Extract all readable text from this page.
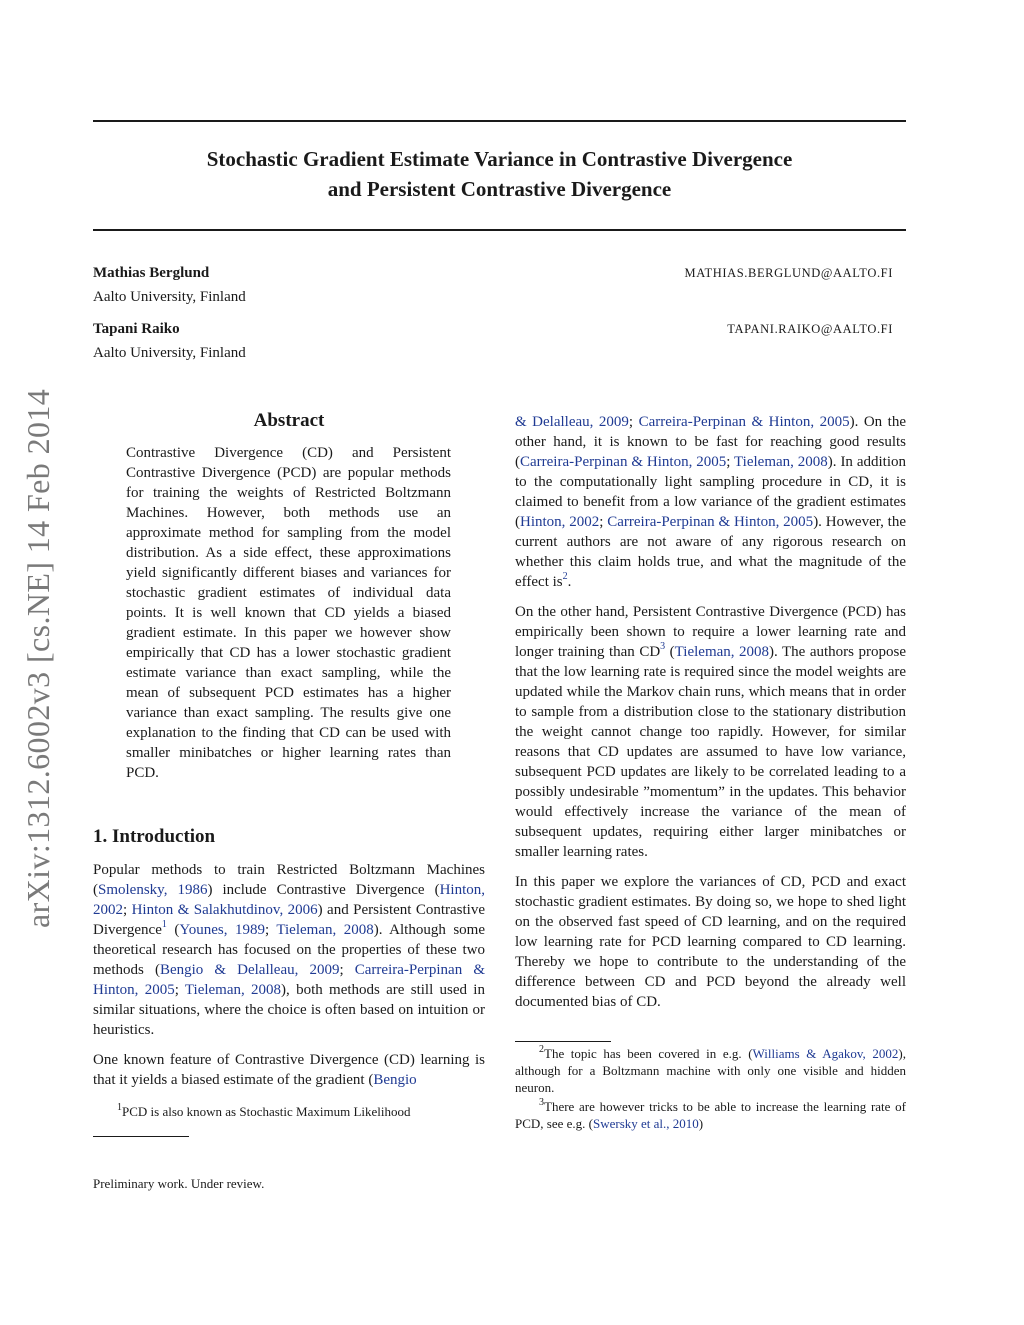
Stochastic Gradient Estimate Variance in Contrastive Divergence
and Persistent Contrastive Divergence
Mathias Berglund	MATHIAS.BERGLUND@AALTO.FI
Aalto University, Finland
Tapani Raiko	TAPANI.RAIKO@AALTO.FI
Aalto University, Finland
arXiv:1312.6002v3 [cs.NE] 14 Feb 2014	Abstract

Contrastive Divergence (CD) and Persistent Contrastive Divergence (PCD) are popular methods for training the weights of Restricted Boltzmann Machines. However, both methods use an approximate method for sampling from the model distribution. As a side effect, these approximations yield significantly different biases and variances for stochastic gradient estimates of individual data points. It is well known that CD yields a biased gradient estimate. In this paper we however show empirically that CD has a lower stochastic gradient estimate variance than exact sampling, while the mean of subsequent PCD estimates has a higher variance than exact sampling. The results give one explanation to the finding that CD can be used with smaller minibatches or higher learning rates than PCD.

1. Introduction

Popular methods to train Restricted Boltzmann Machines (Smolensky, 1986) include Contrastive Divergence (Hinton, 2002; Hinton & Salakhutdinov, 2006) and Persistent Contrastive Divergence$^1$ (Younes, 1989; Tieleman, 2008). Although some theoretical research has focused on the properties of these two methods (Bengio & Delalleau, 2009; Carreira-Perpinan & Hinton, 2005; Tieleman, 2008), both methods are still used in similar situations, where the choice is often based on intuition or heuristics.

One known feature of Contrastive Divergence (CD) learning is that it yields a biased estimate of the gradient (Bengio

$^1$PCD is also known as Stochastic Maximum Likelihood

& Delalleau, 2009; Carreira-Perpinan & Hinton, 2005). On the other hand, it is known to be fast for reaching good results (Carreira-Perpinan & Hinton, 2005; Tieleman, 2008). In addition to the computationally light sampling procedure in CD, it is claimed to benefit from a low variance of the gradient estimates (Hinton, 2002; Carreira-Perpinan & Hinton, 2005). However, the current authors are not aware of any rigorous research on whether this claim holds true, and what the magnitude of the effect $is^2$.

On the other hand, Persistent Contrastive Divergence (PCD) has empirically been shown to require a lower learning rate and longer training than $CD^3$ (Tieleman, 2008). The authors propose that the low learning rate is required since the model weights are updated while the Markov chain runs, which means that in order to sample from a distribution close to the stationary distribution the weight cannot change too rapidly. However, for similar reasons that CD updates are assumed to have low variance, subsequent PCD updates are likely to be correlated leading to a possibly undesirable ”momentum” in the updates. This behavior would effectively increase the variance of the mean of subsequent updates, requiring either larger minibatches or smaller learning rates.

In this paper we explore the variances of CD, PCD and exact stochastic gradient estimates. By doing so, we hope to shed light on the observed fast speed of CD learning, and on the required low learning rate for PCD learning compared to CD learning. Thereby we hope to contribute to the understanding of the difference between CD and PCD beyond the already well documented bias of CD.

$^2$The topic has been covered in e.g. (Williams & Agakov, 2002), although for a Boltzmann machine with only one visible and hidden neuron.

$^3$There are however tricks to be able to increase the learning rate of PCD, see e.g. (Swersky et al., 2010)

Preliminary work. Under review.
